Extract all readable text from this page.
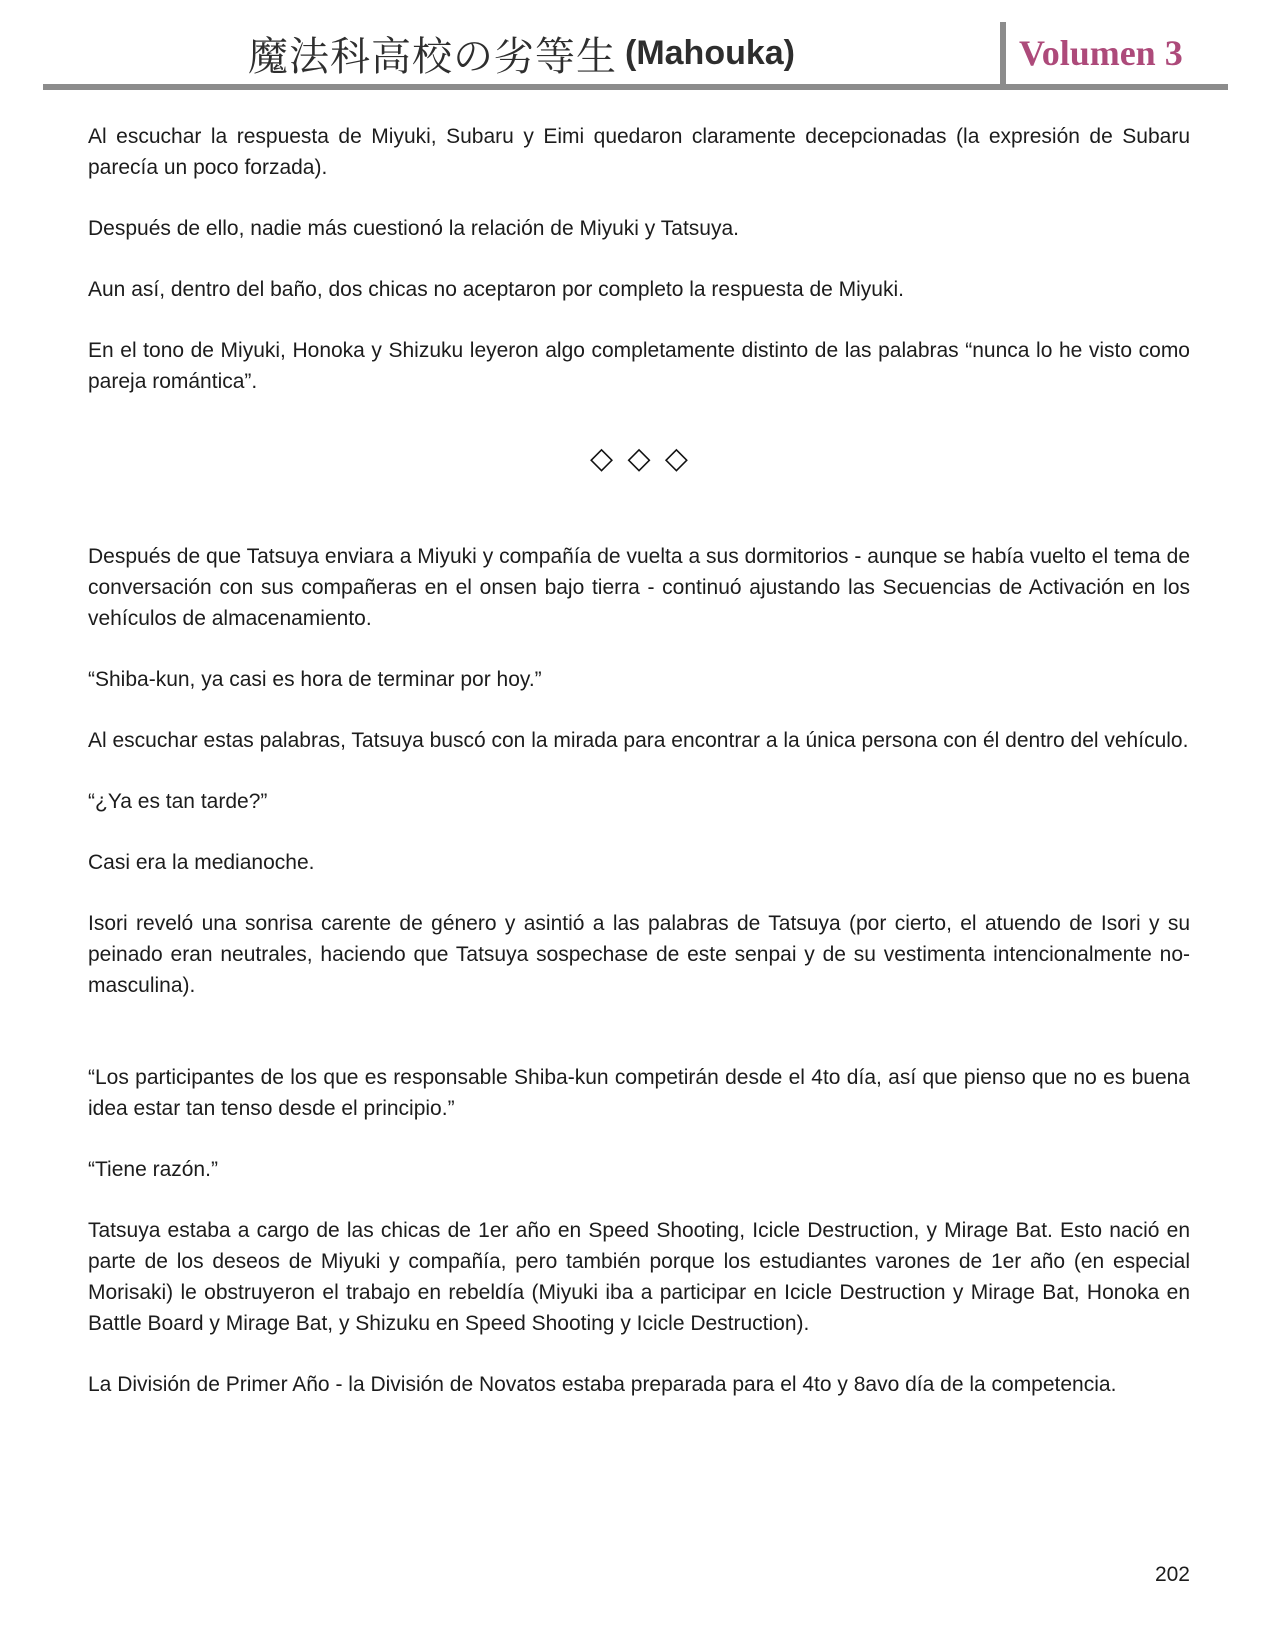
魔法科高校の劣等生 (Mahouka)	Volumen 3

Al escuchar la respuesta de Miyuki, Subaru y Eimi quedaron claramente decepcionadas (la expresión de Subaru parecía un poco forzada).

Después de ello, nadie más cuestionó la relación de Miyuki y Tatsuya.

Aun así, dentro del baño, dos chicas no aceptaron por completo la respuesta de Miyuki.

En el tono de Miyuki, Honoka y Shizuku leyeron algo completamente distinto de las palabras “nunca lo he visto como pareja romántica”.

◇ ◇ ◇

Después de que Tatsuya enviara a Miyuki y compañía de vuelta a sus dormitorios - aunque se había vuelto el tema de conversación con sus compañeras en el onsen bajo tierra - continuó ajustando las Secuencias de Activación en los vehículos de almacenamiento.

“Shiba-kun, ya casi es hora de terminar por hoy.”

Al escuchar estas palabras, Tatsuya buscó con la mirada para encontrar a la única persona con él dentro del vehículo.

“¿Ya es tan tarde?”

Casi era la medianoche.

Isori reveló una sonrisa carente de género y asintió a las palabras de Tatsuya (por cierto, el atuendo de Isori y su peinado eran neutrales, haciendo que Tatsuya sospechase de este senpai y de su vestimenta intencionalmente no-masculina).

“Los participantes de los que es responsable Shiba-kun competirán desde el 4to día, así que pienso que no es buena idea estar tan tenso desde el principio.”

“Tiene razón.”

Tatsuya estaba a cargo de las chicas de 1er año en Speed Shooting, Icicle Destruction, y Mirage Bat. Esto nació en parte de los deseos de Miyuki y compañía, pero también porque los estudiantes varones de 1er año (en especial Morisaki) le obstruyeron el trabajo en rebeldía (Miyuki iba a participar en Icicle Destruction y Mirage Bat, Honoka en Battle Board y Mirage Bat, y Shizuku en Speed Shooting y Icicle Destruction).

La División de Primer Año - la División de Novatos estaba preparada para el 4to y 8avo día de la competencia.

202
